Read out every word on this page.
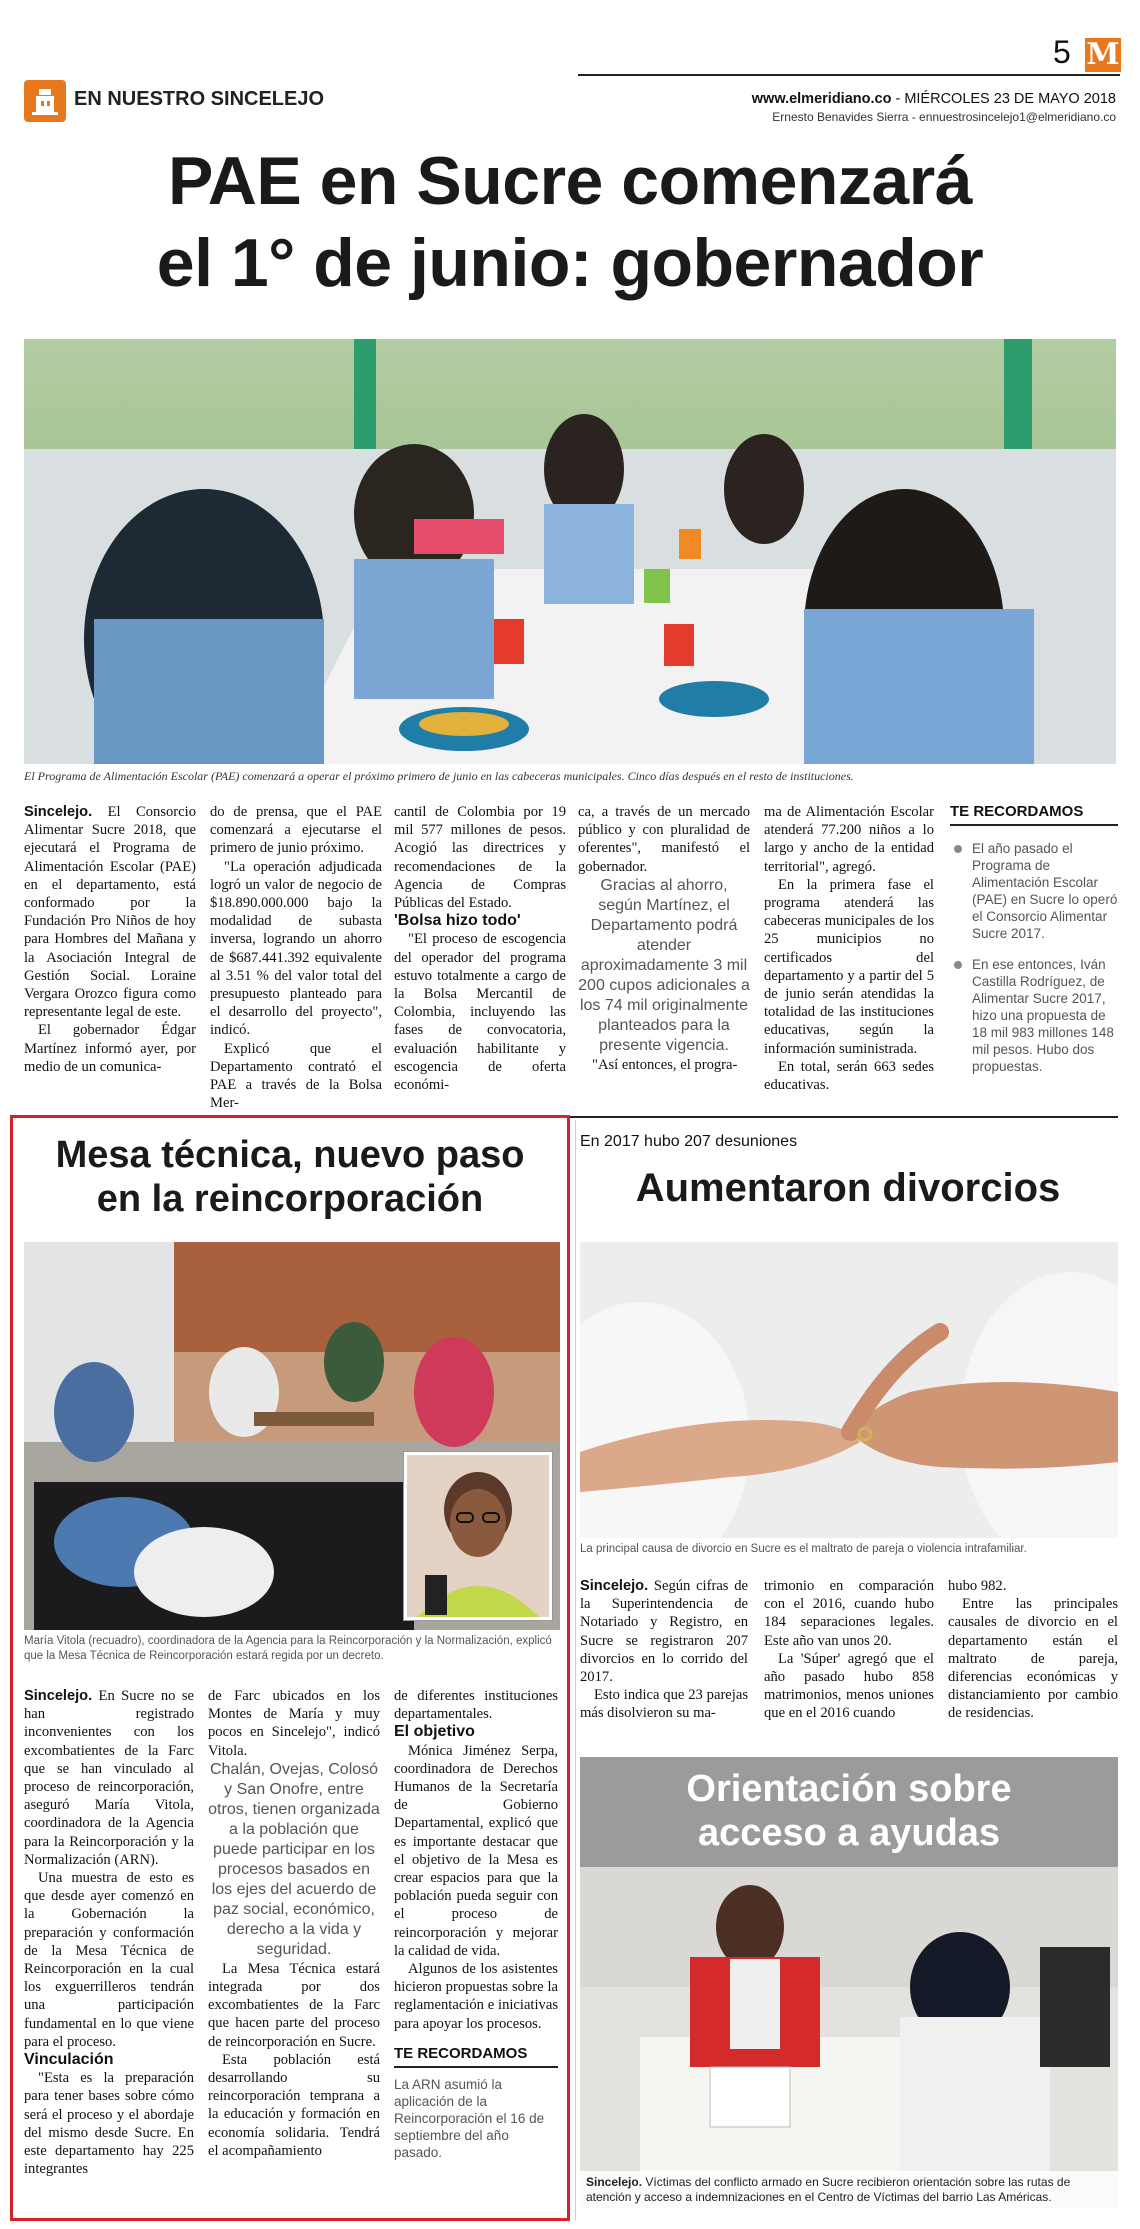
5 M
EN NUESTRO SINCELEJO	www.elmeridiano.co - MIÉRCOLES 23 DE MAYO 2018
Ernesto Benavides Sierra - ennuestrosincelejo1@elmeridiano.co
PAE en Sucre comenzará
el 1° de junio: gobernador
El Programa de Alimentación Escolar (PAE) comenzará a operar el próximo primero de junio en las cabeceras municipales. Cinco días después en el resto de instituciones.

Sincelejo. El Consorcio Alimentar Sucre 2018, que ejecutará el Programa de Alimentación Escolar (PAE) en el departamento, está conformado por la Fundación Pro Niños de hoy para Hombres del Mañana y la Asociación Integral de Gestión Social. Loraine Vergara Orozco figura como representante legal de este.

El gobernador Édgar Martínez informó ayer, por medio de un comunica-

do de prensa, que el PAE comenzará a ejecutarse el primero de junio próximo.

"La operación adjudicada logró un valor de negocio de $18.890.000.000 bajo la modalidad de subasta inversa, logrando un ahorro de $687.441.392 equivalente al 3.51 % del valor total del presupuesto planteado para el desarrollo del proyecto", indicó.

Explicó que el Departamento contrató el PAE a través de la Bolsa Mer-

cantil de Colombia por 19 mil 577 millones de pesos. Acogió las directrices y recomendaciones de la Agencia de Compras Públicas del Estado.

'Bolsa hizo todo'

"El proceso de escogencia del operador del programa estuvo totalmente a cargo de la Bolsa Mercantil de Colombia, incluyendo las fases de convocatoria, evaluación habilitante y escogencia de oferta económi-

ca, a través de un mercado público y con pluralidad de oferentes", manifestó el gobernador.

Gracias al ahorro, según Martínez, el Departamento podrá atender aproximadamente 3 mil 200 cupos adicionales a los 74 mil originalmente planteados para la presente vigencia.

"Así entonces, el progra-

ma de Alimentación Escolar atenderá 77.200 niños a lo largo y ancho de la entidad territorial", agregó.

En la primera fase el programa atenderá las cabeceras municipales de los 25 municipios no certificados del departamento y a partir del 5 de junio serán atendidas la totalidad de las instituciones educativas, según la información suministrada.

En total, serán 663 sedes educativas.

TE RECORDAMOS
El año pasado el Programa de Alimentación Escolar (PAE) en Sucre lo operó el Consorcio Alimentar Sucre 2017.
En ese entonces, Iván Castilla Rodríguez, de Alimentar Sucre 2017, hizo una propuesta de 18 mil 983 millones 148 mil pesos. Hubo dos propuestas.
Mesa técnica, nuevo paso
en la reincorporación
María Vitola (recuadro), coordinadora de la Agencia para la Reincorporación y la Normalización, explicó que la Mesa Técnica de Reincorporación estará regida por un decreto.

Sincelejo. En Sucre no se han registrado inconvenientes con los excombatientes de la Farc que se han vinculado al proceso de reincorporación, aseguró María Vitola, coordinadora de la Agencia para la Reincorporación y la Normalización (ARN).

Una muestra de esto es que desde ayer comenzó en la Gobernación la preparación y conformación de la Mesa Técnica de Reincorporación en la cual los exguerrilleros tendrán una participación fundamental en lo que viene para el proceso.

Vinculación

"Esta es la preparación para tener bases sobre cómo será el proceso y el abordaje del mismo desde Sucre. En este departamento hay 225 integrantes

de Farc ubicados en los Montes de María y muy pocos en Sincelejo", indicó Vitola.

Chalán, Ovejas, Colosó y San Onofre, entre otros, tienen organizada a la población que puede participar en los procesos basados en los ejes del acuerdo de paz social, económico, derecho a la vida y seguridad.

La Mesa Técnica estará integrada por dos excombatientes de la Farc que hacen parte del proceso de reincorporación en Sucre.

Esta población está desarrollando su reincorporación temprana a la educación y formación en economía solidaria. Tendrá el acompañamiento

de diferentes instituciones departamentales.

El objetivo

Mónica Jiménez Serpa, coordinadora de Derechos Humanos de la Secretaría de Gobierno Departamental, explicó que es importante destacar que el objetivo de la Mesa es crear espacios para que la población pueda seguir con el proceso de reincorporación y mejorar la calidad de vida.

Algunos de los asistentes hicieron propuestas sobre la reglamentación e iniciativas para apoyar los procesos.

TE RECORDAMOS
La ARN asumió la aplicación de la Reincorporación el 16 de septiembre del año pasado.
En 2017 hubo 207 desuniones
Aumentaron divorcios
La principal causa de divorcio en Sucre es el maltrato de pareja o violencia intrafamiliar.

Sincelejo. Según cifras de la Superintendencia de Notariado y Registro, en Sucre se registraron 207 divorcios en lo corrido del 2017.

Esto indica que 23 parejas más disolvieron su ma-

trimonio en comparación con el 2016, cuando hubo 184 separaciones legales. Este año van unos 20.

La 'Súper' agregó que el año pasado hubo 858 matrimonios, menos uniones que en el 2016 cuando

hubo 982.

Entre las principales causales de divorcio en el departamento están el maltrato de pareja, diferencias económicas y distanciamiento por cambio de residencias.

Orientación sobre
acceso a ayudas
Sincelejo. Víctimas del conflicto armado en Sucre recibieron orientación sobre las rutas de atención y acceso a indemnizaciones en el Centro de Víctimas del barrio Las Américas.
